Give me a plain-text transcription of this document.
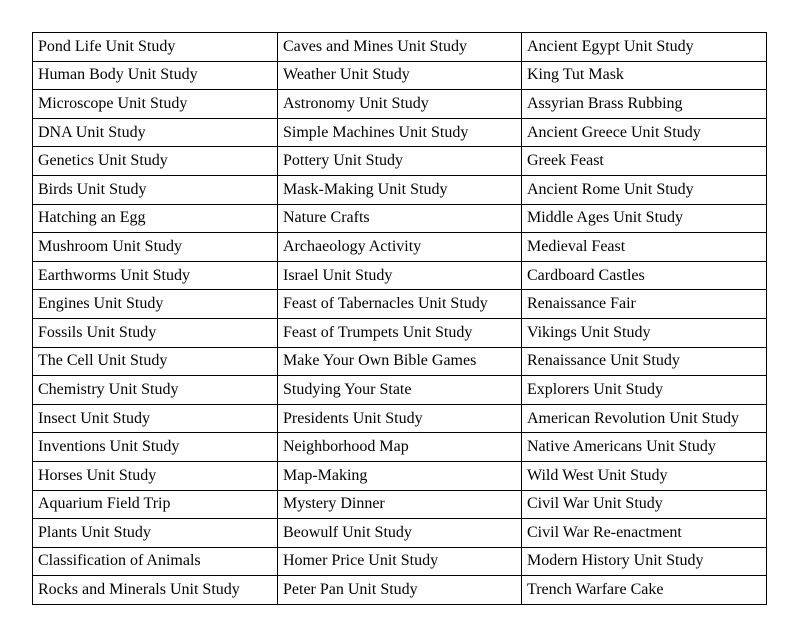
Pond Life Unit Study	Caves and Mines Unit Study	Ancient Egypt Unit Study
Human Body Unit Study	Weather Unit Study	King Tut Mask
Microscope Unit Study	Astronomy Unit Study	Assyrian Brass Rubbing
DNA Unit Study	Simple Machines Unit Study	Ancient Greece Unit Study
Genetics Unit Study	Pottery Unit Study	Greek Feast
Birds Unit Study	Mask-Making Unit Study	Ancient Rome Unit Study
Hatching an Egg	Nature Crafts	Middle Ages Unit Study
Mushroom Unit Study	Archaeology Activity	Medieval Feast
Earthworms Unit Study	Israel Unit Study	Cardboard Castles
Engines Unit Study	Feast of Tabernacles Unit Study	Renaissance Fair
Fossils Unit Study	Feast of Trumpets Unit Study	Vikings Unit Study
The Cell Unit Study	Make Your Own Bible Games	Renaissance Unit Study
Chemistry Unit Study	Studying Your State	Explorers Unit Study
Insect Unit Study	Presidents Unit Study	American Revolution Unit Study
Inventions Unit Study	Neighborhood Map	Native Americans Unit Study
Horses Unit Study	Map-Making	Wild West Unit Study
Aquarium Field Trip	Mystery Dinner	Civil War Unit Study
Plants Unit Study	Beowulf Unit Study	Civil War Re-enactment
Classification of Animals	Homer Price Unit Study	Modern History Unit Study
Rocks and Minerals Unit Study	Peter Pan Unit Study	Trench Warfare Cake
